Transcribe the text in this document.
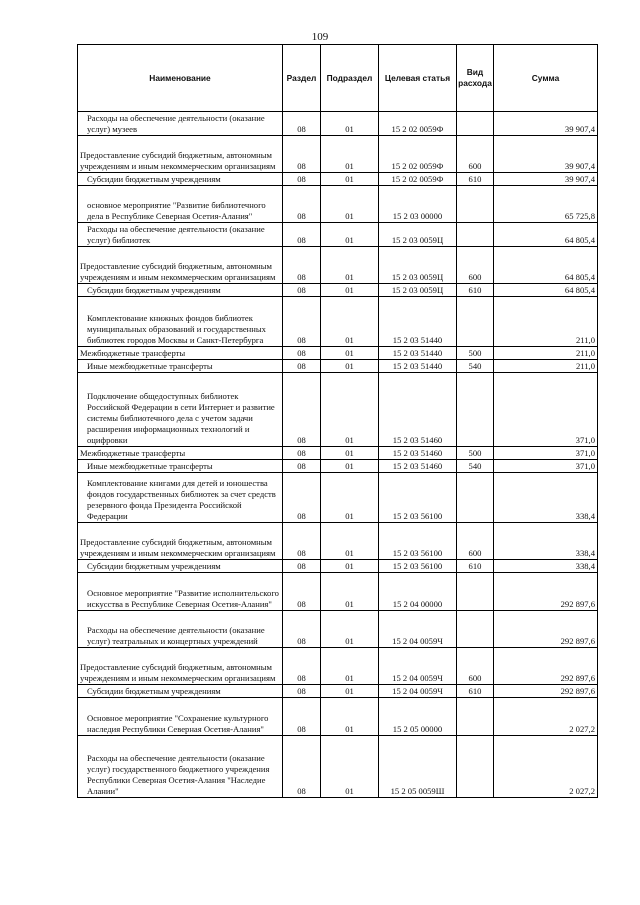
109
Наименование	Раздел	Подраздел	Целевая статья	Вид расхода	Сумма
Расходы на обеспечение деятельности (оказание услуг) музеев	08	01	15 2 02 0059Ф		39 907,4
Предоставление субсидий бюджетным, автономным учреждениям и иным некоммерческим организациям	08	01	15 2 02 0059Ф	600	39 907,4
Субсидии бюджетным учреждениям	08	01	15 2 02 0059Ф	610	39 907,4
основное мероприятие "Развитие библиотечного дела в Республике Северная Осетия-Алания"	08	01	15 2 03 00000		65 725,8
Расходы на обеспечение деятельности (оказание услуг) библиотек	08	01	15 2 03 0059Ц		64 805,4
Предоставление субсидий бюджетным, автономным учреждениям и иным некоммерческим организациям	08	01	15 2 03 0059Ц	600	64 805,4
Субсидии бюджетным учреждениям	08	01	15 2 03 0059Ц	610	64 805,4
Комплектование книжных фондов библиотек муниципальных образований и государственных библиотек городов Москвы и Санкт-Петербурга	08	01	15 2 03 51440		211,0
Межбюджетные трансферты	08	01	15 2 03 51440	500	211,0
Иные межбюджетные трансферты	08	01	15 2 03 51440	540	211,0
Подключение общедоступных библиотек Российской Федерации в сети Интернет и развитие системы библиотечного дела с учетом задачи расширения информационных технологий и оцифровки	08	01	15 2 03 51460		371,0
Межбюджетные трансферты	08	01	15 2 03 51460	500	371,0
Иные межбюджетные трансферты	08	01	15 2 03 51460	540	371,0
Комплектование книгами для детей и юношества фондов государственных библиотек за счет средств резервного фонда Президента Российской Федерации	08	01	15 2 03 56100		338,4
Предоставление субсидий бюджетным, автономным учреждениям и иным некоммерческим организациям	08	01	15 2 03 56100	600	338,4
Субсидии бюджетным учреждениям	08	01	15 2 03 56100	610	338,4
Основное мероприятие "Развитие исполнительского искусства в Республике Северная Осетия-Алания"	08	01	15 2 04 00000		292 897,6
Расходы на обеспечение деятельности (оказание услуг) театральных и концертных учреждений	08	01	15 2 04 0059Ч		292 897,6
Предоставление субсидий бюджетным, автономным учреждениям и иным некоммерческим организациям	08	01	15 2 04 0059Ч	600	292 897,6
Субсидии бюджетным учреждениям	08	01	15 2 04 0059Ч	610	292 897,6
Основное мероприятие "Сохранение культурного наследия Республики Северная Осетия-Алания"	08	01	15 2 05 00000		2 027,2
Расходы на обеспечение деятельности (оказание услуг) государственного бюджетного учреждения Республики Северная Осетия-Алания "Наследие Алании"	08	01	15 2 05 0059Ш		2 027,2
